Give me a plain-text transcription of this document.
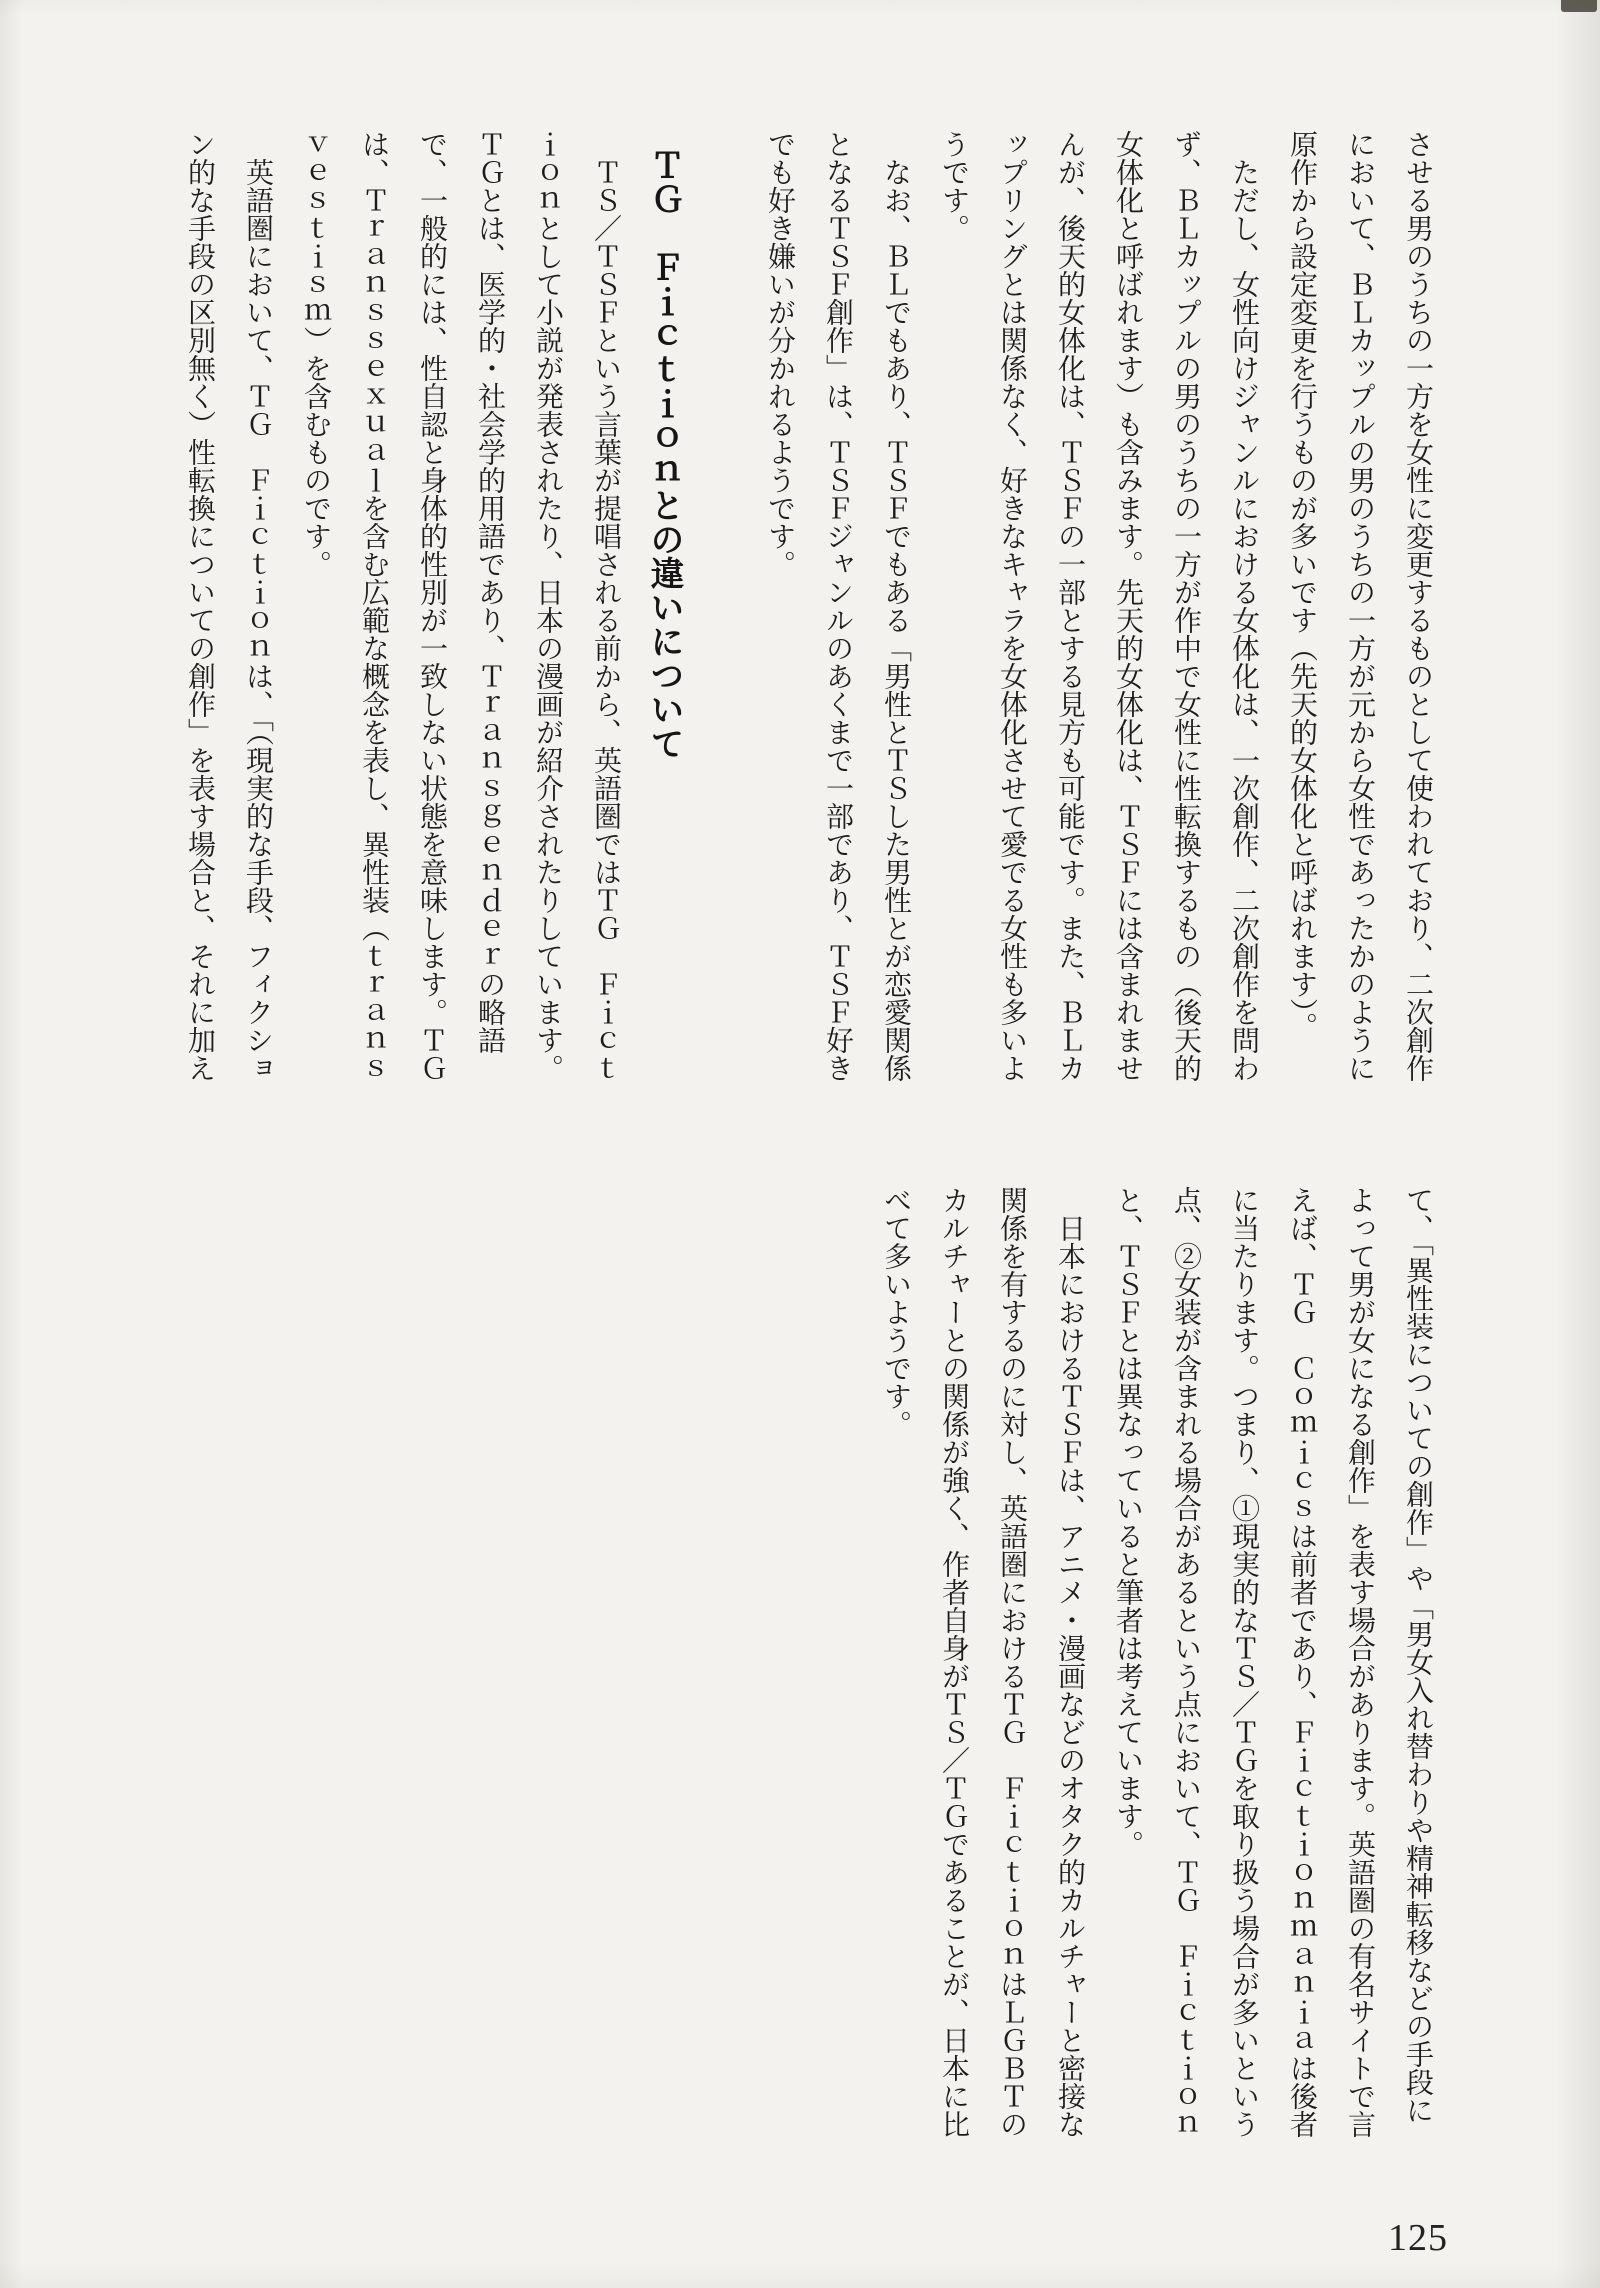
させる男のうちの一方を女性に変更するものとして使われており、二次創作において、ＢＬカップルの男のうちの一方が元から女性であったかのように原作から設定変更を行うものが多いです（先天的女体化と呼ばれます）。

ただし、女性向けジャンルにおける女体化は、一次創作、二次創作を問わず、ＢＬカップルの男のうちの一方が作中で女性に性転換するもの（後天的女体化と呼ばれます）も含みます。先天的女体化は、ＴＳＦには含まれませんが、後天的女体化は、ＴＳＦの一部とする見方も可能です。また、ＢＬカップリングとは関係なく、好きなキャラを女体化させて愛でる女性も多いようです。

なお、ＢＬでもあり、ＴＳＦでもある「男性とＴＳした男性とが恋愛関係となるＴＳＦ創作」は、ＴＳＦジャンルのあくまで一部であり、ＴＳＦ好きでも好き嫌いが分かれるようです。

ＴＧ　Ｆｉｃｔｉｏｎとの違いについて

ＴＳ／ＴＳＦという言葉が提唱される前から、英語圏ではＴＧ　Ｆｉｃｔｉｏｎとして小説が発表されたり、日本の漫画が紹介されたりしています。

ＴＧとは、医学的・社会学的用語であり、Ｔｒａｎｓｇｅｎｄｅｒの略語で、一般的には、性自認と身体的性別が一致しない状態を意味します。ＴＧは、Ｔｒａｎｓｓｅｘｕａｌを含む広範な概念を表し、異性装（ｔｒａｎｓｖｅｓｔｉｓｍ）を含むものです。

英語圏において、ＴＧ　Ｆｉｃｔｉｏｎは、「（現実的な手段、フィクション的な手段の区別無く）性転換についての創作」を表す場合と、それに加え

て、「異性装についての創作」や「男女入れ替わりや精神転移などの手段によって男が女になる創作」を表す場合があります。英語圏の有名サイトで言えば、ＴＧ　Ｃｏｍｉｃｓは前者であり、Ｆｉｃｔｉｏｎｍａｎｉａは後者に当たります。つまり、①現実的なＴＳ／ＴＧを取り扱う場合が多いという点、②女装が含まれる場合があるという点において、ＴＧ　Ｆｉｃｔｉｏｎと、ＴＳＦとは異なっていると筆者は考えています。

日本におけるＴＳＦは、アニメ・漫画などのオタク的カルチャーと密接な関係を有するのに対し、英語圏におけるＴＧ　ＦｉｃｔｉｏｎはＬＧＢＴのカルチャーとの関係が強く、作者自身がＴＳ／ＴＧであることが、日本に比べて多いようです。

125
